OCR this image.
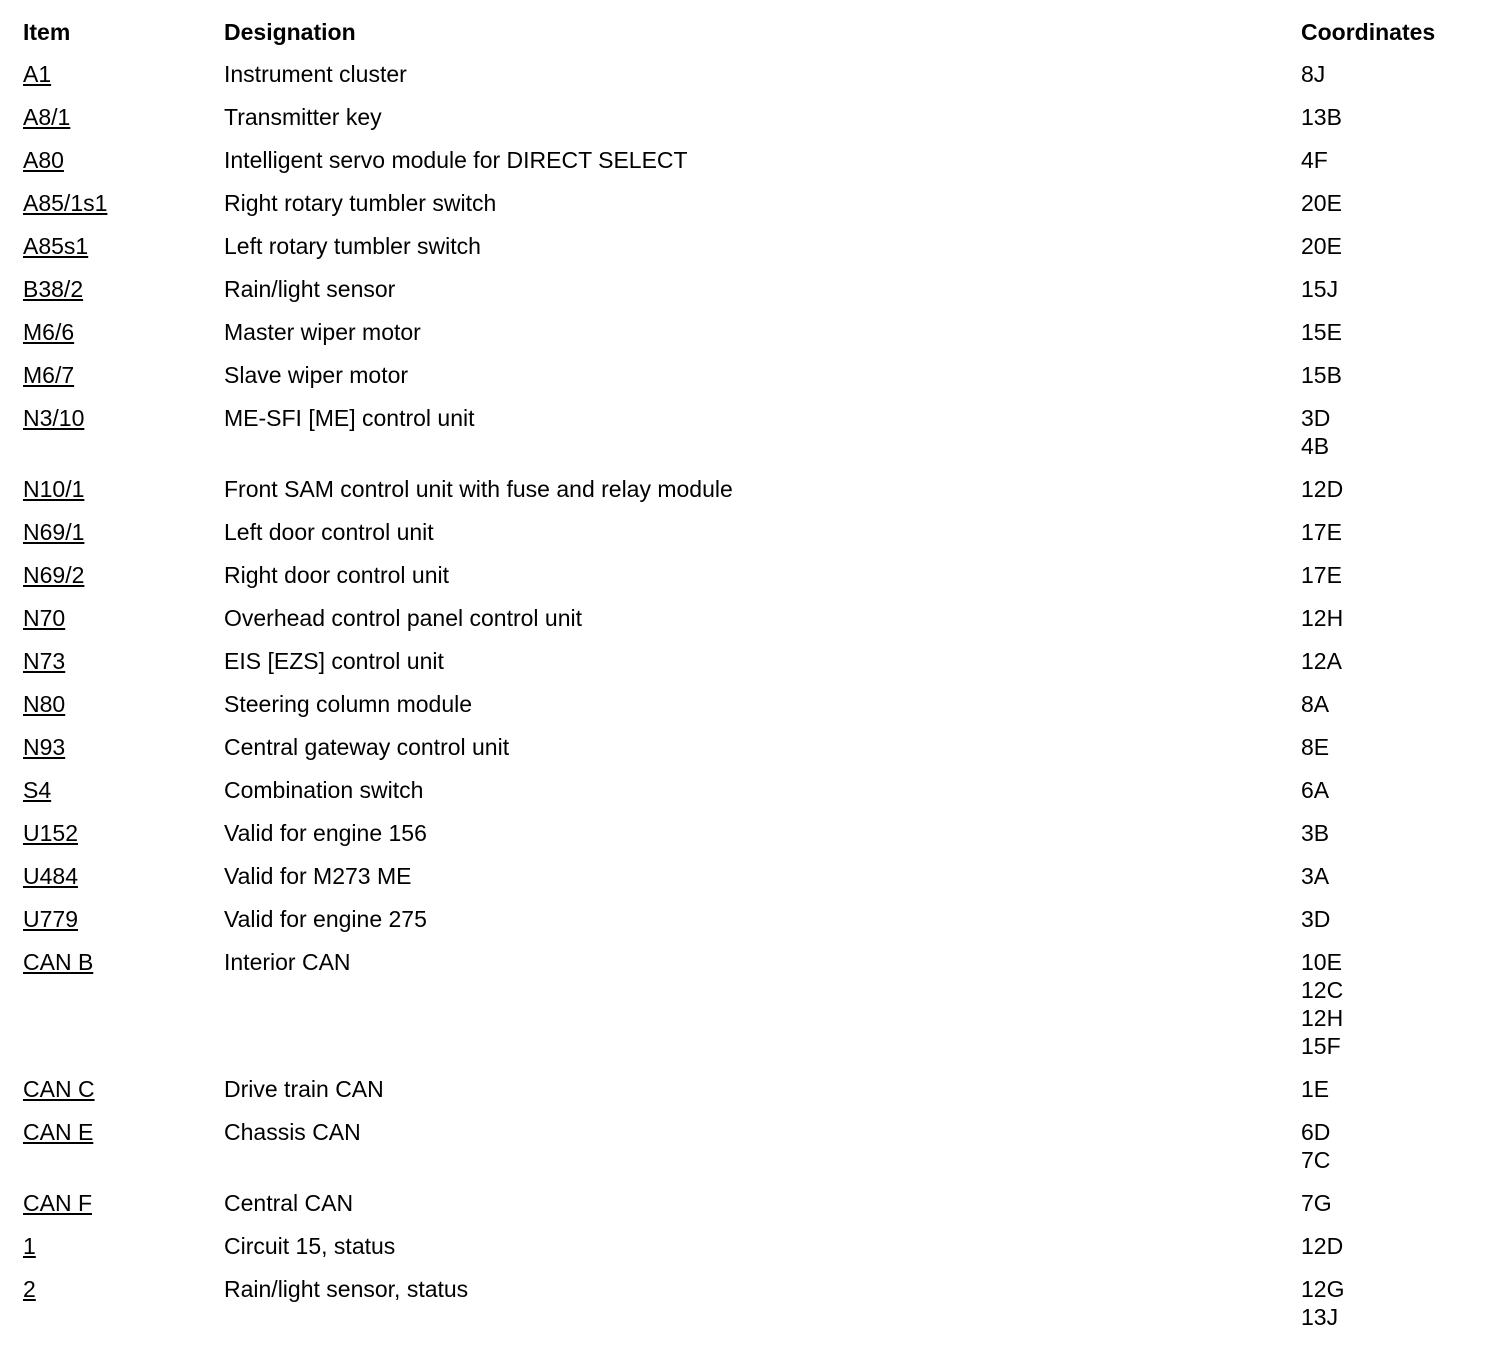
Item	Designation	Coordinates
A1	Instrument cluster	8J
A8/1	Transmitter key	13B
A80	Intelligent servo module for DIRECT SELECT	4F
A85/1s1	Right rotary tumbler switch	20E
A85s1	Left rotary tumbler switch	20E
B38/2	Rain/light sensor	15J
M6/6	Master wiper motor	15E
M6/7	Slave wiper motor	15B
N3/10	ME-SFI [ME] control unit	3D
4B
N10/1	Front SAM control unit with fuse and relay module	12D
N69/1	Left door control unit	17E
N69/2	Right door control unit	17E
N70	Overhead control panel control unit	12H
N73	EIS [EZS] control unit	12A
N80	Steering column module	8A
N93	Central gateway control unit	8E
S4	Combination switch	6A
U152	Valid for engine 156	3B
U484	Valid for M273 ME	3A
U779	Valid for engine 275	3D
CAN B	Interior CAN	10E
12C
12H
15F
CAN C	Drive train CAN	1E
CAN E	Chassis CAN	6D
7C
CAN F	Central CAN	7G
1	Circuit 15, status	12D
2	Rain/light sensor, status	12G
13J
